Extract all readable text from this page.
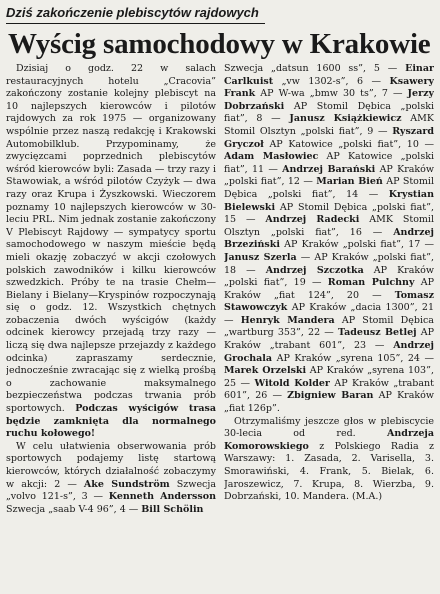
Dziś zakończenie plebiscytów rajdowych
Wyścig samochodowy w Krakowie

Dzisiaj o godz. 22 w salach restauracyjnych hotelu „Cracovia” zakończony zostanie kolejny plebiscyt na 10 najlepszych kierowców i pilotów rajdowych za rok 1975 — organizowany wspólnie przez naszą redakcję i Krakowski Automobilklub. Przypominamy, że zwycięzcami poprzednich plebiscytów wśród kierowców byli: Zasada — trzy razy i Stawowiak, a wśród pilotów Czyżyk — dwa razy oraz Krupa i Żyszkowski. Wieczorem poznamy 10 najlepszych kierowców w 30-leciu PRL. Nim jednak zostanie zakończony V Plebiscyt Rajdowy — sympatycy sportu samochodowego w naszym mieście będą mieli okazję zobaczyć w akcji czołowych polskich zawodników i kilku kierowców szwedzkich. Próby te na trasie Chełm—Bielany i Bielany—Kryspinów rozpoczynają się o godz. 12. Wszystkich chętnych zobaczenia dwóch wyścigów (każdy odcinek kierowcy przejadą trzy razy — liczą się dwa najlepsze przejazdy z każdego odcinka) zapraszamy serdecznie, jednocześnie zwracając się z wielką prośbą o zachowanie maksymalnego bezpieczeństwa podczas trwania prób sportowych. Podczas wyścigów trasa będzie zamknięta dla normalnego ruchu kołowego!

W celu ułatwienia obserwowania prób sportowych podajemy listę startową kierowców, których działalność zobaczymy w akcji: 2 — Ake Sundström Szwecja „volvo 121-s”, 3 — Kenneth Andersson Szwecja „saab V-4 96”, 4 — Bill Schölin

Szwecja „datsun 1600 ss”, 5 — Einar Carlkuist „vw 1302-s”, 6 — Ksawery Frank AP W-wa „bmw 30 ts”, 7 — Jerzy Dobrzański AP Stomil Dębica „polski fiat”, 8 — Janusz Książkiewicz AMK Stomil Olsztyn „polski fiat”, 9 — Ryszard Gryczoł AP Katowice „polski fiat”, 10 — Adam Masłowiec AP Katowice „polski fiat”, 11 — Andrzej Barański AP Kraków „polski fiat”, 12 — Marian Bień AP Stomil Dębica „polski fiat”, 14 — Krystian Bielewski AP Stomil Dębica „polski fiat”, 15 — Andrzej Radecki AMK Stomil Olsztyn „polski fiat”, 16 — Andrzej Brzeziński AP Kraków „polski fiat”, 17 — Janusz Szerla — AP Kraków „polski fiat”, 18 — Andrzej Szczotka AP Kraków „polski fiat”, 19 — Roman Pulchny AP Kraków „fiat 124”, 20 — Tomasz Stawowczyk AP Kraków „dacia 1300”, 21 — Henryk Mandera AP Stomil Dębica „wartburg 353”, 22 — Tadeusz Betlej AP Kraków „trabant 601”, 23 — Andrzej Grochala AP Kraków „syrena 105”, 24 — Marek Orzelski AP Kraków „syrena 103”, 25 — Witold Kolder AP Kraków „trabant 601”, 26 — Zbigniew Baran AP Kraków „fiat 126p”.

Otrzymaliśmy jeszcze głos w plebiscycie 30-lecia od red. Andrzeja Komorowskiego z Polskiego Radia z Warszawy: 1. Zasada, 2. Varisella, 3. Smorawiński, 4. Frank, 5. Bielak, 6. Jaroszewicz, 7. Krupa, 8. Wierzba, 9. Dobrzański, 10. Mandera. (M.A.)
